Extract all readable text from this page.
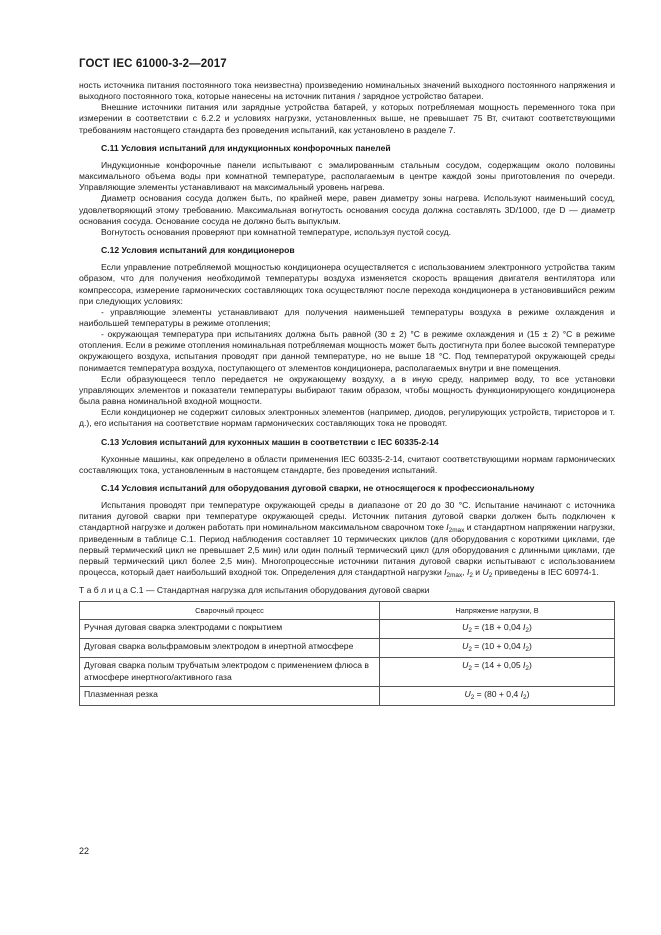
ГОСТ IEC 61000-3-2—2017

ность источника питания постоянного тока неизвестна) произведению номинальных значений выходного постоянного напряжения и выходного постоянного тока, которые нанесены на источник питания / зарядное устройство батареи.

Внешние источники питания или зарядные устройства батарей, у которых потребляемая мощность переменного тока при измерении в соответствии с 6.2.2 и условиях нагрузки, установленных выше, не превышает 75 Вт, считают соответствующими требованиям настоящего стандарта без проведения испытаний, как установлено в разделе 7.

С.11 Условия испытаний для индукционных конфорочных панелей

Индукционные конфорочные панели испытывают с эмалированным стальным сосудом, содержащим около половины максимального объема воды при комнатной температуре, располагаемым в центре каждой зоны приготовления по очереди. Управляющие элементы устанавливают на максимальный уровень нагрева.

Диаметр основания сосуда должен быть, по крайней мере, равен диаметру зоны нагрева. Используют наименьший сосуд, удовлетворяющий этому требованию. Максимальная вогнутость основания сосуда должна составлять 3D/1000, где D — диаметр основания сосуда. Основание сосуда не должно быть выпуклым.

Вогнутость основания проверяют при комнатной температуре, используя пустой сосуд.

С.12 Условия испытаний для кондиционеров

Если управление потребляемой мощностью кондиционера осуществляется с использованием электронного устройства таким образом, что для получения необходимой температуры воздуха изменяется скорость вращения двигателя вентилятора или компрессора, измерение гармонических составляющих тока осуществляют после перехода кондиционера в установившийся режим при следующих условиях:

- управляющие элементы устанавливают для получения наименьшей температуры воздуха в режиме охлаждения и наибольшей температуры в режиме отопления;

- окружающая температура при испытаниях должна быть равной (30 ± 2) °С в режиме охлаждения и (15 ± 2) °С в режиме отопления. Если в режиме отопления номинальная потребляемая мощность может быть достигнута при более высокой температуре окружающего воздуха, испытания проводят при данной температуре, но не выше 18 °С. Под температурой окружающей среды понимается температура воздуха, поступающего от элементов кондиционера, располагаемых внутри и вне помещения.

Если образующееся тепло передается не окружающему воздуху, а в иную среду, например воду, то все установки управляющих элементов и показатели температуры выбирают таким образом, чтобы мощность функционирующего кондиционера была равна номинальной входной мощности.

Если кондиционер не содержит силовых электронных элементов (например, диодов, регулирующих устройств, тиристоров и т. д.), его испытания на соответствие нормам гармонических составляющих тока не проводят.

С.13 Условия испытаний для кухонных машин в соответствии с IEC 60335-2-14

Кухонные машины, как определено в области применения IEC 60335-2-14, считают соответствующими нормам гармонических составляющих тока, установленным в настоящем стандарте, без проведения испытаний.

С.14 Условия испытаний для оборудования дуговой сварки, не относящегося к профессиональному

Испытания проводят при температуре окружающей среды в диапазоне от 20 до 30 °С. Испытание начинают с источника питания дуговой сварки при температуре окружающей среды. Источник питания дуговой сварки должен быть подключен к стандартной нагрузке и должен работать при номинальном максимальном сварочном токе $I_{2max}$ и стандартном напряжении нагрузки, приведенным в таблице С.1. Период наблюдения составляет 10 термических циклов (для оборудования с короткими циклами, где первый термический цикл не превышает 2,5 мин) или один полный термический цикл (для оборудования с длинными циклами, где первый термический цикл более 2,5 мин). Многопроцессные источники питания дуговой сварки испытывают с использованием процесса, который дает наибольший входной ток. Определения для стандартной нагрузки $I_{2max}$, $I_2$ и $U_2$ приведены в IEC 60974-1.

Т а б л и ц а С.1 — Стандартная нагрузка для испытания оборудования дуговой сварки

Сварочный процесс	Напряжение нагрузки, В
Ручная дуговая сварка электродами с покрытием	$U_2 = (18 + 0,04$ $I_2$)
Дуговая сварка вольфрамовым электродом в инертной атмосфере	$U_2 = (10 + 0,04$ $I_2$)
Дуговая сварка полым трубчатым электродом с применением флюса в атмосфере инертного/активного газа	$U_2 = (14 + 0,05$ $I_2$)
Плазменная резка	$U_2 = (80 + 0,4$ $I_2$)
22
